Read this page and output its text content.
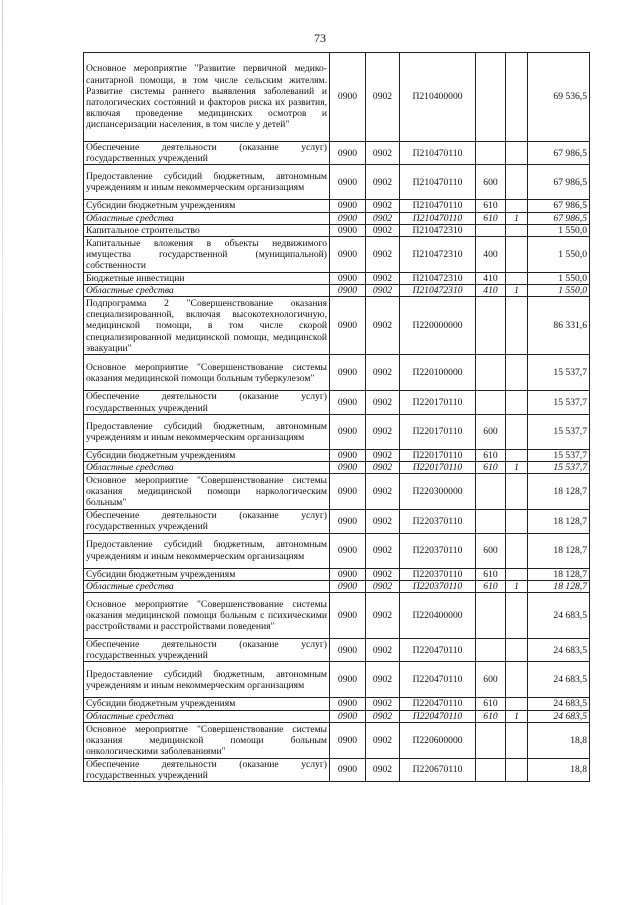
73
Основное мероприятие "Развитие первичной медико-санитарной помощи, в том числе сельским жителям. Развитие системы раннего выявления заболеваний и патологических состояний и факторов риска их развития, включая проведение медицинских осмотров и диспансеризации населения, в том числе у детей"	0900	0902	П210400000			69 536,5
Обеспечение деятельности (оказание услуг) государственных учреждений	0900	0902	П210470110			67 986,5
Предоставление субсидий бюджетным, автономным учреждениям и иным некоммерческим организациям	0900	0902	П210470110	600		67 986,5
Субсидии бюджетным учреждениям	0900	0902	П210470110	610		67 986,5
Областные средства	0900	0902	П210470110	610	1	67 986,5
Капитальное строительство	0900	0902	П210472310			1 550,0
Капитальные вложения в объекты недвижимого имущества государственной (муниципальной) собственности	0900	0902	П210472310	400		1 550,0
Бюджетные инвестиции	0900	0902	П210472310	410		1 550,0
Областные средства	0900	0902	П210472310	410	1	1 550,0
Подпрограмма 2 "Совершенствование оказания специализированной, включая высокотехнологичную, медицинской помощи, в том числе скорой специализированной медицинской помощи, медицинской эвакуации"	0900	0902	П220000000			86 331,6
Основное мероприятие "Совершенствование системы оказания медицинской помощи больным туберкулезом"	0900	0902	П220100000			15 537,7
Обеспечение деятельности (оказание услуг) государственных учреждений	0900	0902	П220170110			15 537,7
Предоставление субсидий бюджетным, автономным учреждениям и иным некоммерческим организациям	0900	0902	П220170110	600		15 537,7
Субсидии бюджетным учреждениям	0900	0902	П220170110	610		15 537,7
Областные средства	0900	0902	П220170110	610	1	15 537,7
Основное мероприятие "Совершенствование системы оказания медицинской помощи наркологическим больным"	0900	0902	П220300000			18 128,7
Обеспечение деятельности (оказание услуг) государственных учреждений	0900	0902	П220370110			18 128,7
Предоставление субсидий бюджетным, автономным учреждениям и иным некоммерческим организациям	0900	0902	П220370110	600		18 128,7
Субсидии бюджетным учреждениям	0900	0902	П220370110	610		18 128,7
Областные средства	0900	0902	П220370110	610	1	18 128,7
Основное мероприятие "Совершенствование системы оказания медицинской помощи больным с психическими расстройствами и расстройствами поведения"	0900	0902	П220400000			24 683,5
Обеспечение деятельности (оказание услуг) государственных учреждений	0900	0902	П220470110			24 683,5
Предоставление субсидий бюджетным, автономным учреждениям и иным некоммерческим организациям	0900	0902	П220470110	600		24 683,5
Субсидии бюджетным учреждениям	0900	0902	П220470110	610		24 683,5
Областные средства	0900	0902	П220470110	610	1	24 683,5
Основное мероприятие "Совершенствование системы оказания медицинской помощи больным онкологическими заболеваниями"	0900	0902	П220600000			18,8
Обеспечение деятельности (оказание услуг) государственных учреждений	0900	0902	П220670110			18,8
